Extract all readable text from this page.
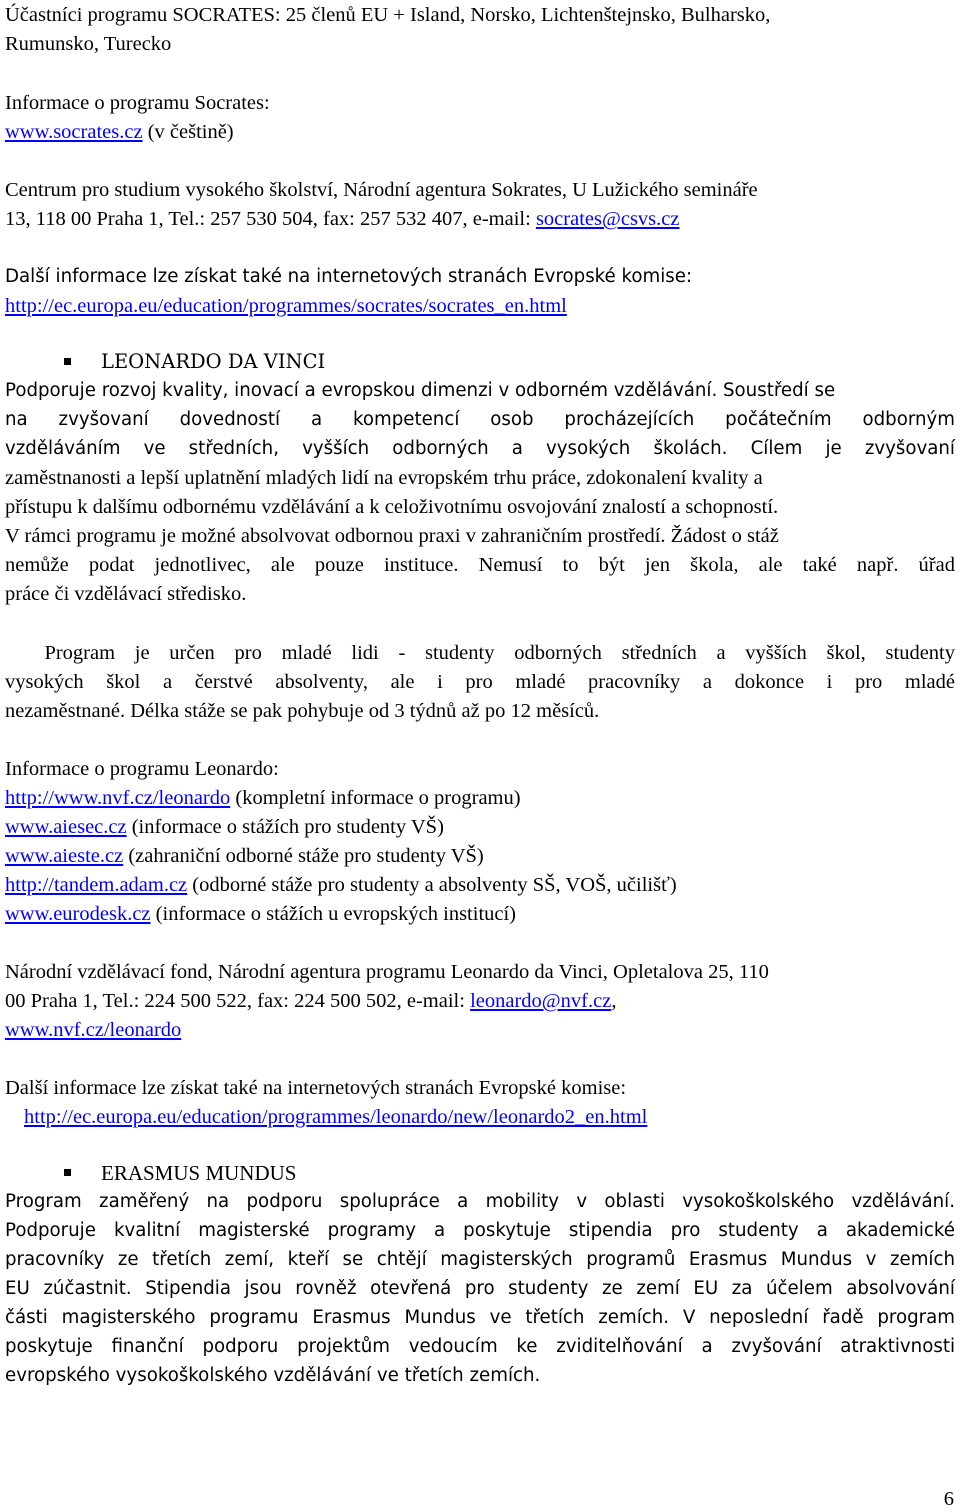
Účastníci programu SOCRATES: 25 členů EU + Island, Norsko, Lichtenštejnsko, Bulharsko,
Rumunsko, Turecko
Informace o programu Socrates:
www.socrates.cz (v češtině)
Centrum pro studium vysokého školství, Národní agentura Sokrates, U Lužického semináře
13, 118 00 Praha 1, Tel.: 257 530 504, fax: 257 532 407, e-mail: socrates@csvs.cz
Další informace lze získat také na internetových stranách Evropské komise:
http://ec.europa.eu/education/programmes/socrates/socrates_en.html
LEONARDO DA VINCI
Podporuje rozvoj kvality, inovací a evropskou dimenzi v odborném vzdělávání. Soustředí se
na zvyšovaní dovedností a kompetencí osob procházejících počátečním odborným
vzděláváním ve středních, vyšších odborných a vysokých školách. Cílem je zvyšovaní
zaměstnanosti a lepší uplatnění mladých lidí na evropském trhu práce, zdokonalení kvality a
přístupu k dalšímu odbornému vzdělávání a k celoživotnímu osvojování znalostí a schopností.
V rámci programu je možné absolvovat odbornou praxi v zahraničním prostředí. Žádost o stáž
nemůže podat jednotlivec, ale pouze instituce. Nemusí to být jen škola, ale také např. úřad
práce či vzdělávací středisko.
Program je určen pro mladé lidi - studenty odborných středních a vyšších škol, studenty
vysokých škol a čerstvé absolventy, ale i pro mladé pracovníky a dokonce i pro mladé
nezaměstnané. Délka stáže se pak pohybuje od 3 týdnů až po 12 měsíců.
Informace o programu Leonardo:
http://www.nvf.cz/leonardo (kompletní informace o programu)
www.aiesec.cz (informace o stážích pro studenty VŠ)
www.aieste.cz (zahraniční odborné stáže pro studenty VŠ)
http://tandem.adam.cz (odborné stáže pro studenty a absolventy SŠ, VOŠ, učilišť)
www.eurodesk.cz (informace o stážích u evropských institucí)
Národní vzdělávací fond, Národní agentura programu Leonardo da Vinci, Opletalova 25, 110
00 Praha 1, Tel.: 224 500 522, fax: 224 500 502, e-mail: leonardo@nvf.cz,
www.nvf.cz/leonardo
Další informace lze získat také na internetových stranách Evropské komise:
http://ec.europa.eu/education/programmes/leonardo/new/leonardo2_en.html
ERASMUS MUNDUS
Program zaměřený na podporu spolupráce a mobility v oblasti vysokoškolského vzdělávání.
Podporuje kvalitní magisterské programy a poskytuje stipendia pro studenty a akademické
pracovníky ze třetích zemí, kteří se chtějí magisterských programů Erasmus Mundus v zemích
EU zúčastnit. Stipendia jsou rovněž otevřená pro studenty ze zemí EU za účelem absolvování
části magisterského programu Erasmus Mundus ve třetích zemích. V neposlední řadě program
poskytuje finanční podporu projektům vedoucím ke zviditelňování a zvyšování atraktivnosti
evropského vysokoškolského vzdělávání ve třetích zemích.
6
